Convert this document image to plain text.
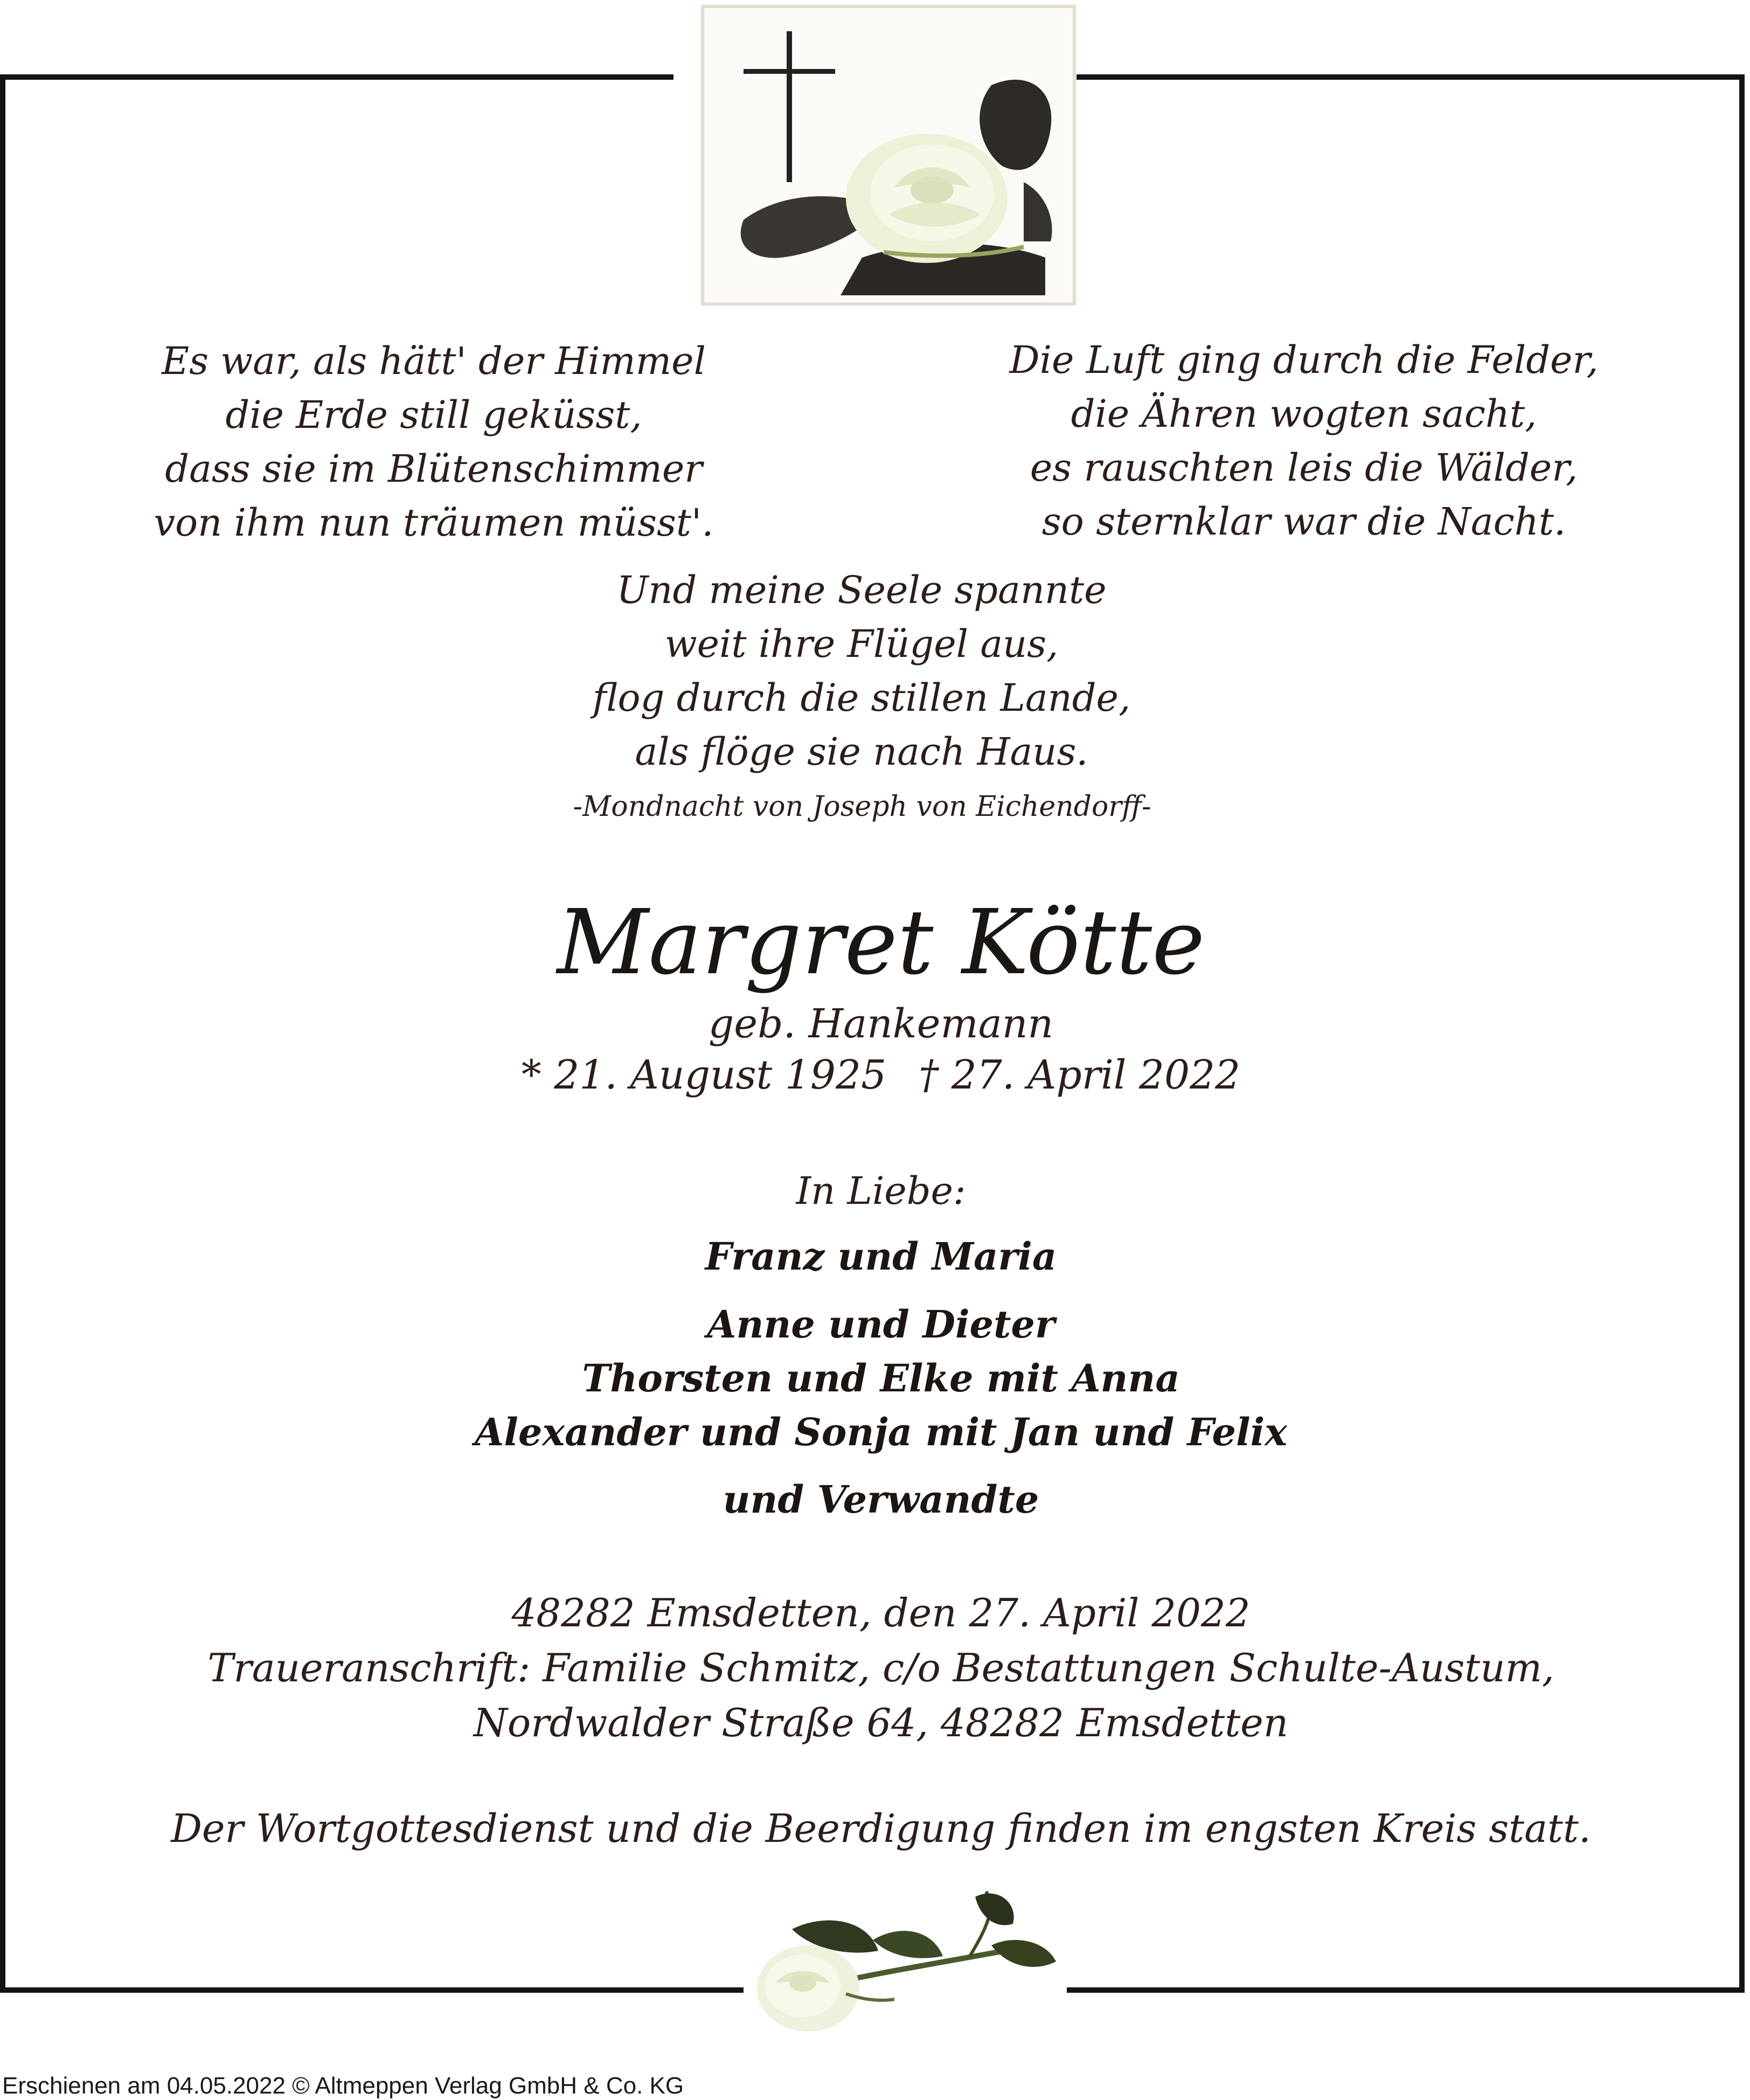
Es war, als hätt' der Himmel
die Erde still geküsst,
dass sie im Blütenschimmer
von ihm nun träumen müsst'.
Die Luft ging durch die Felder,
die Ähren wogten sacht,
es rauschten leis die Wälder,
so sternklar war die Nacht.
Und meine Seele spannte
weit ihre Flügel aus,
flog durch die stillen Lande,
als flöge sie nach Haus.
-Mondnacht von Joseph von Eichendorff-
Margret Kötte
geb. Hankemann
* 21. August 1925 † 27. April 2022
In Liebe:
Franz und Maria
Anne und Dieter
Thorsten und Elke mit Anna
Alexander und Sonja mit Jan und Felix
und Verwandte
48282 Emsdetten, den 27. April 2022
Traueranschrift: Familie Schmitz, c/o Bestattungen Schulte-Austum,
Nordwalder Straße 64, 48282 Emsdetten
Der Wortgottesdienst und die Beerdigung finden im engsten Kreis statt.
Erschienen am 04.05.2022 © Altmeppen Verlag GmbH & Co. KG
